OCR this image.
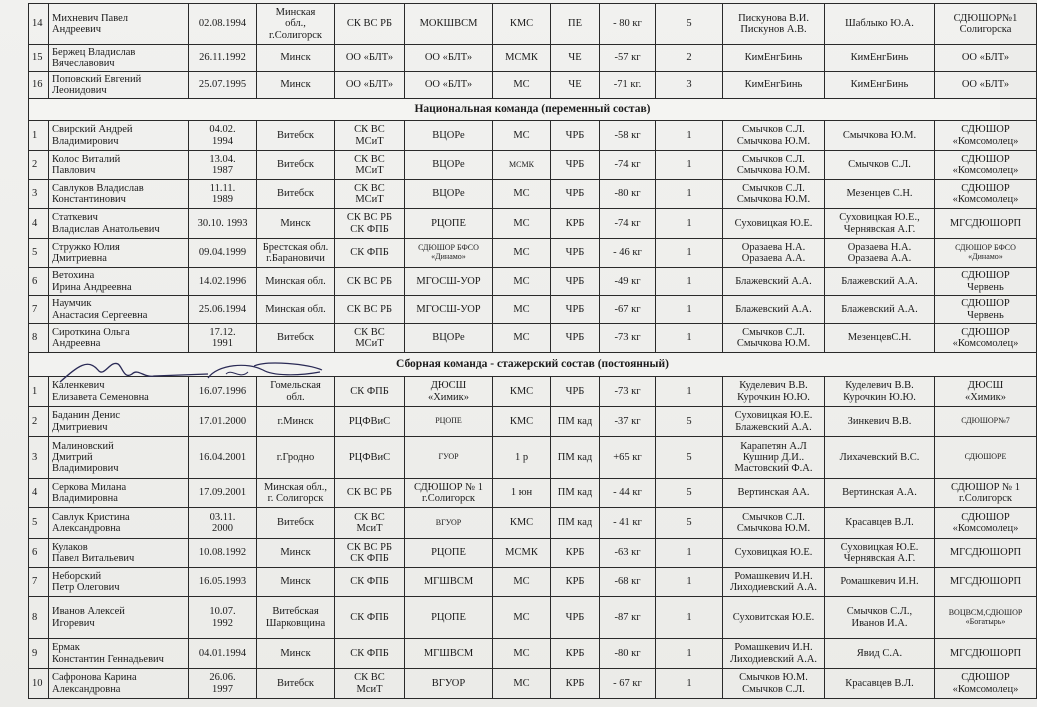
14	Михневич Павел
Андреевич	02.08.1994	Минская
обл.,
г.Солигорск	СК ВС РБ	МОКШВСМ	КМС	ПЕ	- 80 кг	5	Пискунова В.И.
Пискунов А.В.	Шаблыко Ю.А.	СДЮШОР№1
Солигорска
15	Бержец Владислав
Вячеславович	26.11.1992	Минск	ОО «БЛТ»	ОО «БЛТ»	МСМК	ЧЕ	-57 кг	2	КимЕнгБинь	КимЕнгБинь	ОО «БЛТ»
16	Поповский Евгений
Леонидович	25.07.1995	Минск	ОО «БЛТ»	ОО «БЛТ»	МС	ЧЕ	-71 кг.	3	КимЕнгБинь	КимЕнгБинь	ОО «БЛТ»
Национальная команда (переменный состав)												
1	Свирский Андрей
Владимирович	04.02.
1994	Витебск	СК ВС
МСиТ	ВЦОРе	МС	ЧРБ	-58 кг	1	Смычков С.Л.
Смычкова Ю.М.	Смычкова Ю.М.	СДЮШОР
«Комсомолец»
2	Колос Виталий
Павлович	13.04.
1987	Витебск	СК ВС
МСиТ	ВЦОРе	МСМК	ЧРБ	-74 кг	1	Смычков С.Л.
Смычкова Ю.М.	Смычков С.Л.	СДЮШОР
«Комсомолец»
3	Савлуков Владислав
Константинович	11.11.
1989	Витебск	СК ВС
МСиТ	ВЦОРе	МС	ЧРБ	-80 кг	1	Смычков С.Л.
Смычкова Ю.М.	Мезенцев С.Н.	СДЮШОР
«Комсомолец»
4	Статкевич
Владислав Анатольевич	30.10. 1993	Минск	СК ВС РБ
СК ФПБ	РЦОПЕ	МС	КРБ	-74 кг	1	Суховицкая Ю.Е.	Суховицкая Ю.Е.,
Чернявская А.Г.	МГСДЮШОРП
5	Стружко Юлия
Дмитриевна	09.04.1999	Брестская обл.
г.Барановичи	СК ФПБ	СДЮШОР БФСО
«Динамо»	МС	ЧРБ	- 46 кг	1	Оразаева Н.А.
Оразаева А.А.	Оразаева Н.А.
Оразаева А.А.	СДЮШОР БФСО
«Динамо»
6	Ветохина
Ирина Андреевна	14.02.1996	Минская обл.	СК ВС РБ	МГОСШ-УОР	МС	ЧРБ	-49 кг	1	Блажевский А.А.	Блажевский А.А.	СДЮШОР
Червень
7	Наумчик
Анастасия Сергеевна	25.06.1994	Минская обл.	СК ВС РБ	МГОСШ-УОР	МС	ЧРБ	-67 кг	1	Блажевский А.А.	Блажевский А.А.	СДЮШОР
Червень
8	Сироткина Ольга
Андреевна	17.12.
1991	Витебск	СК ВС
МСиТ	ВЦОРе	МС	ЧРБ	-73 кг	1	Смычков С.Л.
Смычкова Ю.М.	МезенцевС.Н.	СДЮШОР
«Комсомолец»
Сборная команда - стажерский состав (постоянный)												
1	Каленкевич
Елизавета Семеновна	16.07.1996	Гомельская
обл.	СК ФПБ	ДЮСШ
«Химик»	КМС	ЧРБ	-73 кг	1	Куделевич В.В.
Курочкин Ю.Ю.	Куделевич В.В.
Курочкин Ю.Ю.	ДЮСШ
«Химик»
2	Баданин Денис
Дмитриевич	17.01.2000	г.Минск	РЦФВиС	РЦОПЕ	КМС	ПМ кад	-37 кг	5	Суховицкая Ю.Е.
Блажевский А.А.	Зинкевич В.В.	СДЮШОР№7
3	Малиновский
Дмитрий
Владимирович	16.04.2001	г.Гродно	РЦФВиС	ГУОР	1 р	ПМ кад	+65 кг	5	Карапетян А.Л
Кушнир Д.И..
Мастовский Ф.А.	Лихачевский В.С.	СДЮШОРЕ
4	Серкова Милана
Владимировна	17.09.2001	Минская обл.,
г. Солигорск	СК ВС РБ	СДЮШОР № 1
г.Солигорск	1 юн	ПМ кад	- 44 кг	5	Вертинская АА.	Вертинская А.А.	СДЮШОР № 1
г.Солигорск
5	Савлук Кристина
Александровна	03.11.
2000	Витебск	СК ВС
МсиТ	ВГУОР	КМС	ПМ кад	- 41 кг	5	Смычков С.Л.
Смычкова Ю.М.	Красавцев В.Л.	СДЮШОР
«Комсомолец»
6	Кулаков
Павел Витальевич	10.08.1992	Минск	СК ВС РБ
СК ФПБ	РЦОПЕ	МСМК	КРБ	-63 кг	1	Суховицкая Ю.Е.	Суховицкая Ю.Е.
Чернявская А.Г.	МГСДЮШОРП
7	Неборский
Петр Олегович	16.05.1993	Минск	СК ФПБ	МГШВСМ	МС	КРБ	-68 кг	1	Ромашкевич И.Н.
Лиходиевский А.А.	Ромашкевич И.Н.	МГСДЮШОРП
8	Иванов Алексей
Игоревич	10.07.
1992	Витебская
Шарковщина	СК ФПБ	РЦОПЕ	МС	ЧРБ	-87 кг	1	Суховитская Ю.Е.	Смычков С.Л.,
Иванов И.А.	ВОЦВСМ,СДЮШОР
«Богатырь»
9	Ермак
Константин Геннадьевич	04.01.1994	Минск	СК ФПБ	МГШВСМ	МС	КРБ	-80 кг	1	Ромашкевич И.Н.
Лиходиевский А.А.	Явид С.А.	МГСДЮШОРП
10	Сафронова Карина
Александровна	26.06.
1997	Витебск	СК ВС
МсиТ	ВГУОР	МС	КРБ	- 67 кг	1	Смычков Ю.М.
Смычков С.Л.	Красавцев В.Л.	СДЮШОР
«Комсомолец»
